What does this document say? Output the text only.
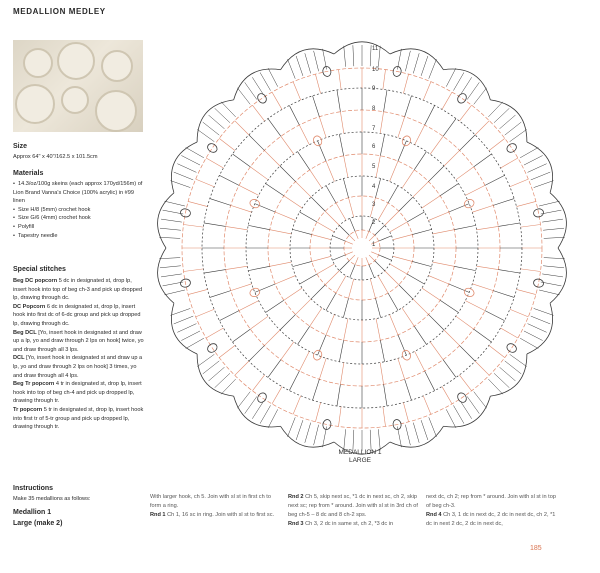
MEDALLION MEDLEY
Size
Approx 64" x 40"/162.5 x 101.5cm
Materials
• 14.3/oz/100g skeins (each approx 170yd/156m) of Lion Brand Vanna's Choice (100% acrylic) in #99 linen
• Size H/8 (5mm) crochet hook
• Size G/6 (4mm) crochet hook
• Polyfill
• Tapestry needle
Special stitches
Beg DC popcorn 5 dc in designated st, drop lp, insert hook into top of beg ch-3 and pick up dropped lp, drawing through dc.
DC Popcorn 6 dc in designated st, drop lp, insert hook into first dc of 6-dc group and pick up dropped lp, drawing through dc.
Beg DCL [Yo, insert hook in designated st and draw up a lp, yo and draw through 2 lps on hook] twice, yo and draw through all 3 lps.
DCL [Yo, insert hook in designated st and draw up a lp, yo and draw through 2 lps on hook] 3 times, yo and draw through all 4 lps.
Beg Tr popcorn 4 tr in designated st, drop lp, insert hook into top of beg ch-4 and pick up dropped lp, drawing through tr.
Tr popcorn 5 tr in designated st, drop lp, insert hook into first tr of 5-tr group and pick up dropped lp, drawing through tr.
Instructions
Make 35 medallions as follows:
Medallion 1
Large (make 2)
1
2
3
4
5
6
7
8
9
10
11
MEDALLION 1
LARGE
With larger hook, ch 5. Join with sl st in first ch to form a ring.
Rnd 1 Ch 1, 16 sc in ring. Join with sl st to first sc.
Rnd 2 Ch 5, skip next sc, *1 dc in next sc, ch 2, skip next sc; rep from * around. Join with sl st in 3rd ch of beg ch-5 – 8 dc and 8 ch-2 sps.
Rnd 3 Ch 3, 2 dc in same st, ch 2, *3 dc in
next dc, ch 2; rep from * around. Join with sl st in top of beg ch-3.
Rnd 4 Ch 3, 1 dc in next dc, 2 dc in next dc, ch 2, *1 dc in next 2 dc, 2 dc in next dc,
185
